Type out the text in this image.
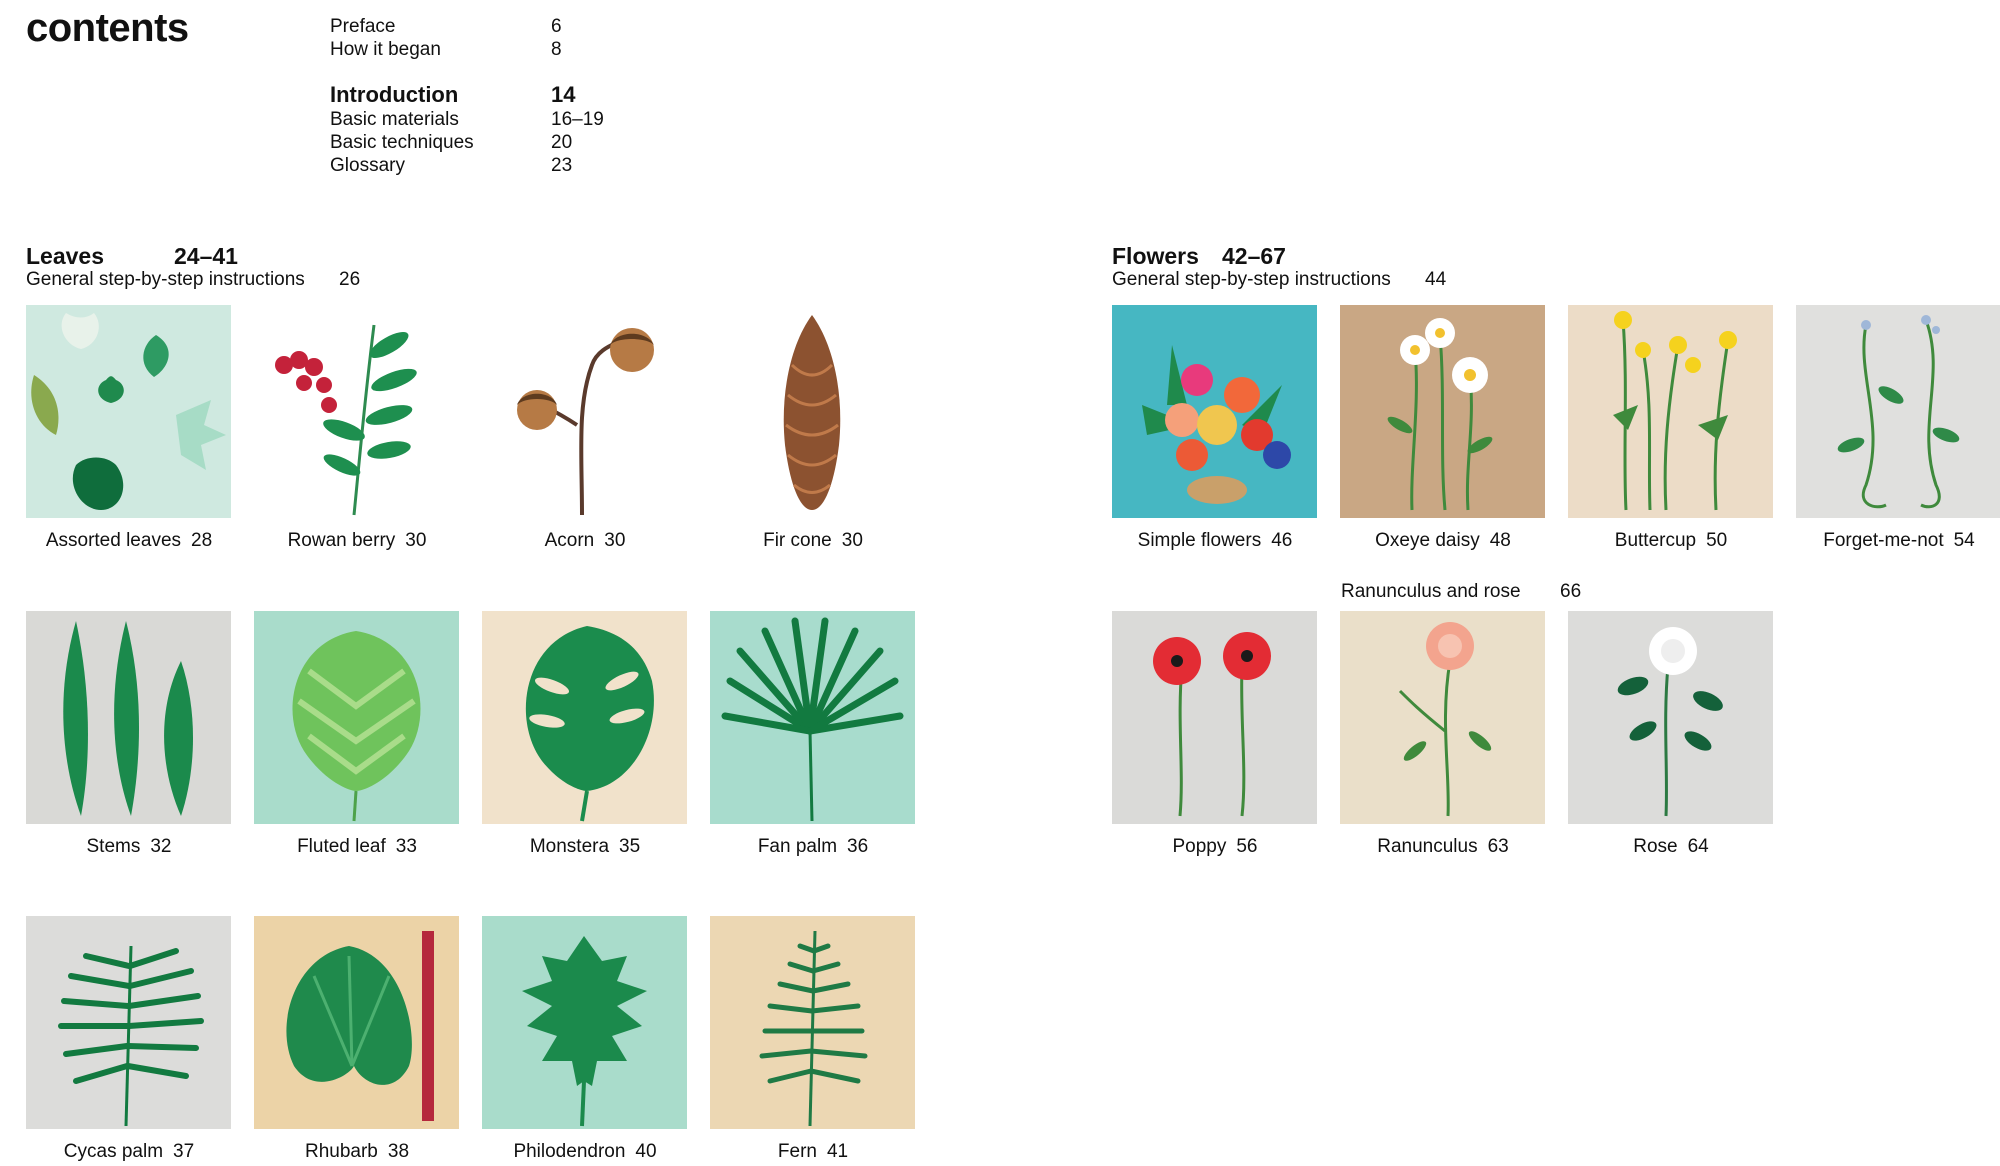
contents	Preface	6
How it began	8
Introduction	14
Basic materials	16–19
Basic techniques	20
Glossary	23
Leaves	24–41
General step-by-step instructions 26
Flowers 42–67
General step-by-step instructions 44
Ranunculus and rose 66
Assorted leaves 28	Rowan berry 30	Acorn 30	Fir cone 30
Stems 32	Fluted leaf 33	Monstera 35	Fan palm 36
Cycas palm 37	Rhubarb 38	Philodendron 40	Fern 41
Simple flowers 46	Oxeye daisy 48	Buttercup 50	Forget-me-not 54
Poppy 56	Ranunculus 63	Rose 64
